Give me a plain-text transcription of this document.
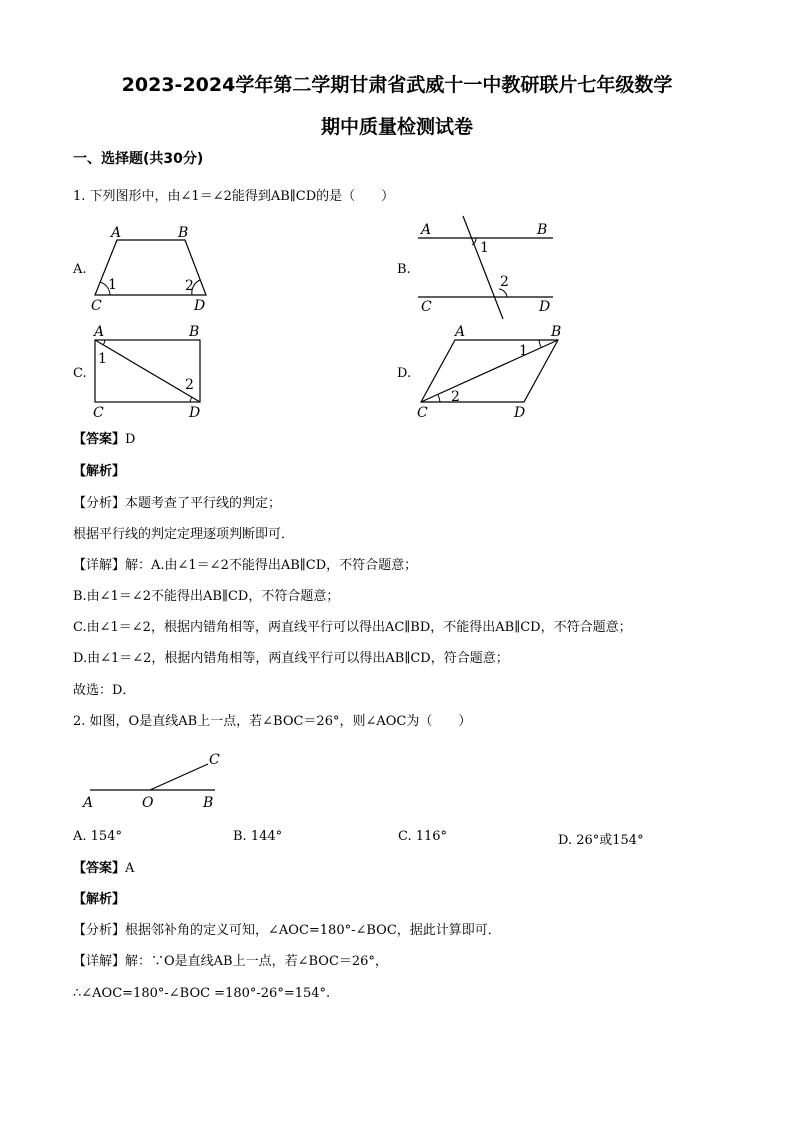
2023-2024学年第二学期甘肃省武威十一中教研联片七年级数学
期中质量检测试卷
一、选择题(共30分)
1. 下列图形中，由∠1＝∠2能得到AB∥CD的是（　　）
A.
A	B
C	D
1	2
B.
A	B
C	D
1
2
C.
A	B
C	D
1
2
D.
A	B
C	D
1
2
【答案】D
【解析】
【分析】本题考查了平行线的判定；
根据平行线的判定定理逐项判断即可．
【详解】解：A.由∠1＝∠2不能得出AB∥CD，不符合题意；
B.由∠1＝∠2不能得出AB∥CD，不符合题意；
C.由∠1＝∠2，根据内错角相等，两直线平行可以得出AC∥BD，不能得出AB∥CD，不符合题意；
D.由∠1＝∠2，根据内错角相等，两直线平行可以得出AB∥CD，符合题意；
故选：D．
2. 如图，O是直线AB上一点，若∠BOC＝26°，则∠AOC为（　　）
C
A	O	B
A. 154°	B. 144°	C. 116°	D. 26°或154°
【答案】A
【解析】
【分析】根据邻补角的定义可知，∠AOC=180°-∠BOC，据此计算即可．
【详解】解：∵O是直线AB上一点，若∠BOC＝26°，
∴∠AOC=180°-∠BOC =180°-26°=154°.
